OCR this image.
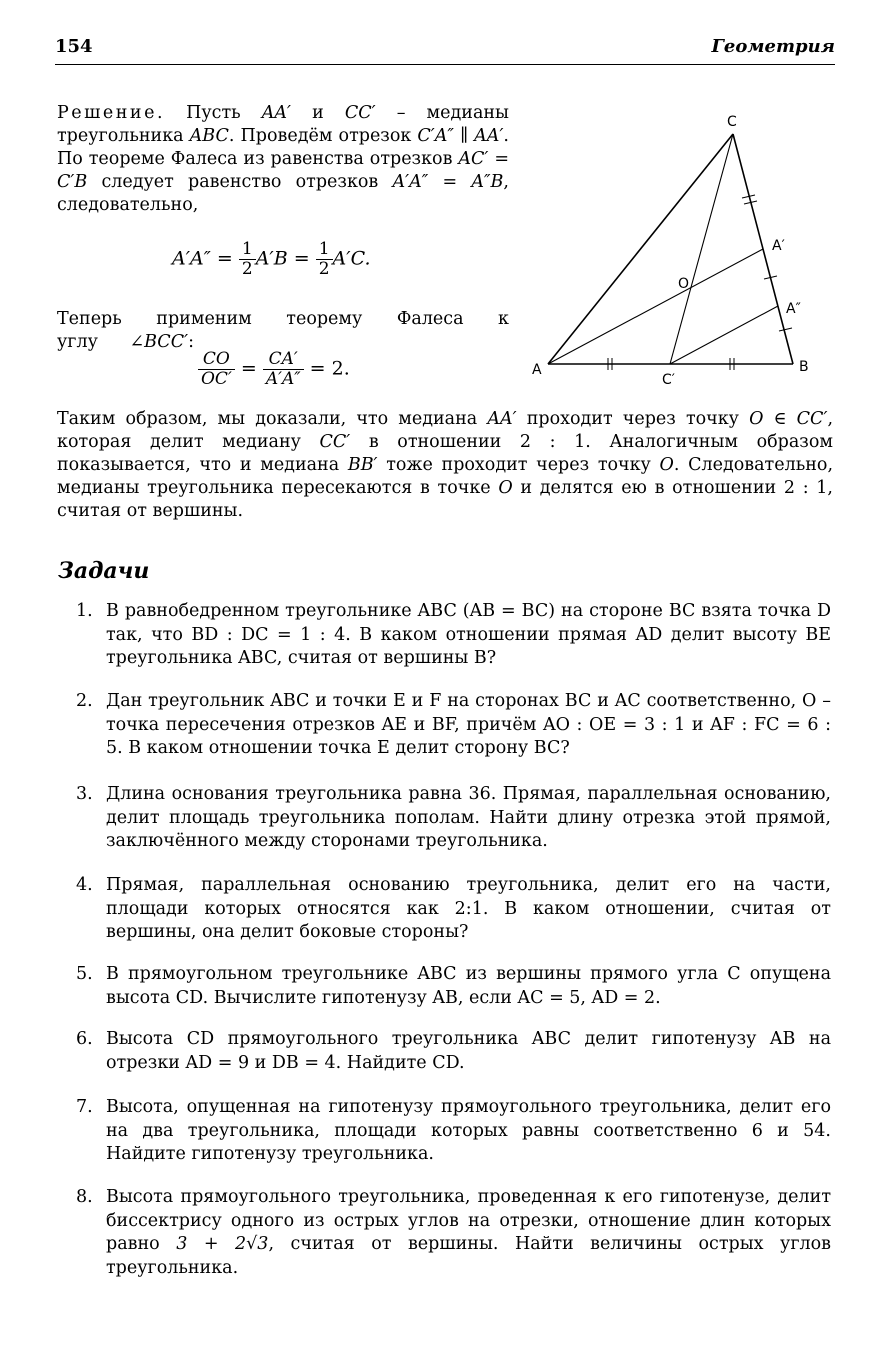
154	Геометрия
Решение. Пусть AA′ и CC′ – медианы треугольника ABC. Проведём отрезок C′A″ ∥ AA′. По теореме Фалеса из равенства отрезков AC′ = C′B следует равенство отрезков A′A″ = A″B, следовательно,
$A'A'' = \frac{1}{2} A'B = \frac{1}{2} A'C$.
Теперь применим теорему Фалеса к углу ∠BCC′:
$\frac{CO}{OC'} = \frac{CA'}{A'A''} = 2$.
C
A′
O
A″
A
C′
B
Таким образом, мы доказали, что медиана AA′ проходит через точку O ∈ CC′, которая делит медиану CC′ в отношении 2 : 1. Аналогичным образом показывается, что и медиана BB′ тоже проходит через точку O. Следовательно, медианы треугольника пересекаются в точке O и делятся ею в отношении 2 : 1, считая от вершины.
Задачи
1. В равнобедренном треугольнике ABC (AB = BC) на стороне BC взята точка D так, что BD : DC = 1 : 4. В каком отношении прямая AD делит высоту BE треугольника ABC, считая от вершины B?
2. Дан треугольник ABC и точки E и F на сторонах BC и AC соответственно, O – точка пересечения отрезков AE и BF, причём AO : OE = 3 : 1 и AF : FC = 6 : 5. В каком отношении точка E делит сторону BC?
3. Длина основания треугольника равна 36. Прямая, параллельная основанию, делит площадь треугольника пополам. Найти длину отрезка этой прямой, заключённого между сторонами треугольника.
4. Прямая, параллельная основанию треугольника, делит его на части, площади которых относятся как 2:1. В каком отношении, считая от вершины, она делит боковые стороны?
5. В прямоугольном треугольнике ABC из вершины прямого угла C опущена высота CD. Вычислите гипотенузу AB, если AC = 5, AD = 2.
6. Высота CD прямоугольного треугольника ABC делит гипотенузу AB на отрезки AD = 9 и DB = 4. Найдите CD.
7. Высота, опущенная на гипотенузу прямоугольного треугольника, делит его на два треугольника, площади которых равны соответственно 6 и 54. Найдите гипотенузу треугольника.
8. Высота прямоугольного треугольника, проведенная к его гипотенузе, делит биссектрису одного из острых углов на отрезки, отношение длин которых равно 3 + 2√3, считая от вершины. Найти величины острых углов треугольника.
